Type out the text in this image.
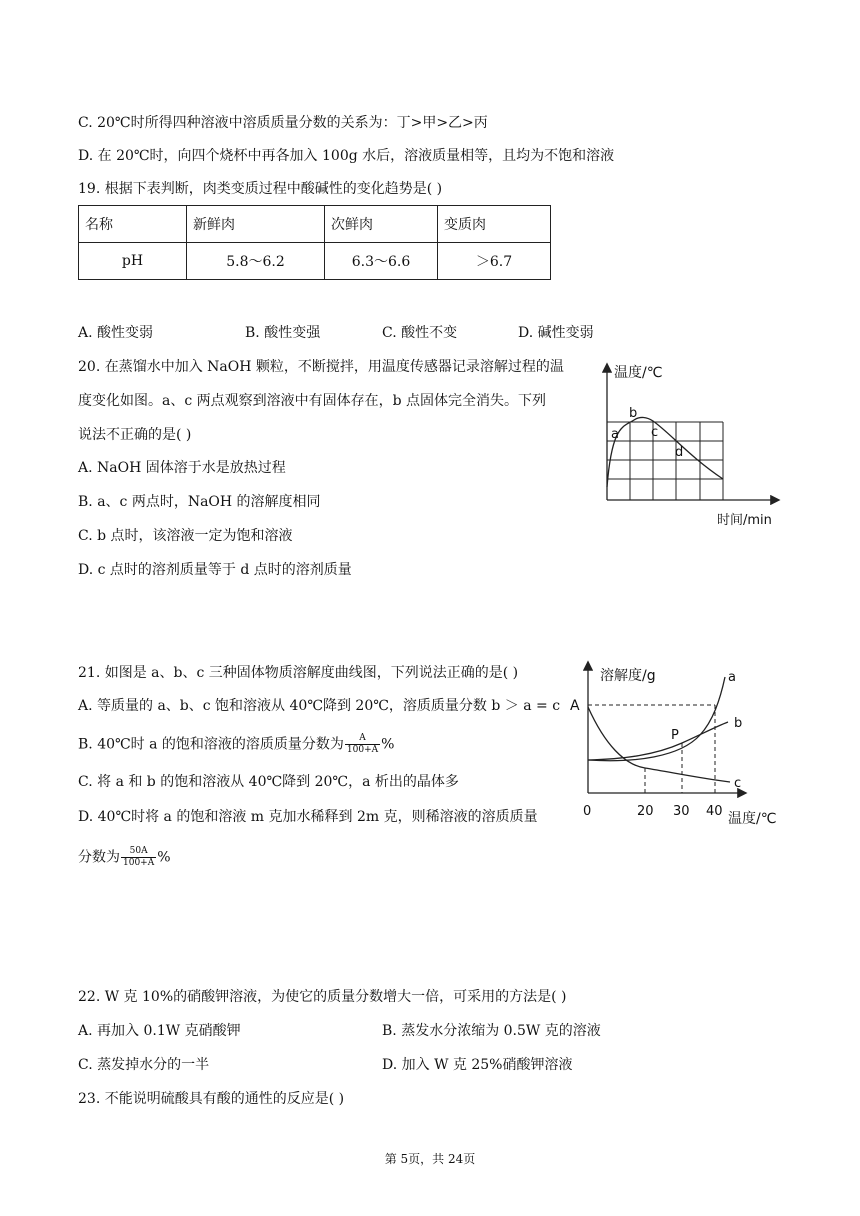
C. 20℃时所得四种溶液中溶质质量分数的关系为：丁>甲>乙>丙
D. 在 20℃时，向四个烧杯中再各加入 100g 水后，溶液质量相等，且均为不饱和溶液
19. 根据下表判断，肉类变质过程中酸碱性的变化趋势是( )
名称	新鲜肉	次鲜肉	变质肉
pH	5.8～6.2	6.3～6.6	＞6.7
A. 酸性变弱	B. 酸性变强	C. 酸性不变	D. 碱性变弱
20. 在蒸馏水中加入 NaOH 颗粒，不断搅拌，用温度传感器记录溶解过程的温
度变化如图。a、c 两点观察到溶液中有固体存在，b 点固体完全消失。下列
说法不正确的是( )
A. NaOH 固体溶于水是放热过程
B. a、c 两点时，NaOH 的溶解度相同
C. b 点时，该溶液一定为饱和溶液
D. c 点时的溶剂质量等于 d 点时的溶剂质量
温度/℃
时间/min
a
b
c
d
21. 如图是 a、b、c 三种固体物质溶解度曲线图，下列说法正确的是( )
A. 等质量的 a、b、c 饱和溶液从 40℃降到 20℃，溶质质量分数 b ＞ a = c
B. 40℃时 a 的饱和溶液的溶质质量分数为 $\frac{A}{100+A}$ %
C. 将 a 和 b 的饱和溶液从 40℃降到 20℃，a 析出的晶体多
D. 40℃时将 a 的饱和溶液 m 克加水稀释到 2m 克，则稀溶液的溶质质量
分数为 $\frac{50A}{100+A}$ %
溶解度/g
温度/℃
A
P
a
b
c
0	20 30 40
22. W 克 10%的硝酸钾溶液，为使它的质量分数增大一倍，可采用的方法是( )
A. 再加入 0.1W 克硝酸钾	B. 蒸发水分浓缩为 0.5W 克的溶液
C. 蒸发掉水分的一半	D. 加入 W 克 25%硝酸钾溶液
23. 不能说明硫酸具有酸的通性的反应是( )
第 5页，共 24页
